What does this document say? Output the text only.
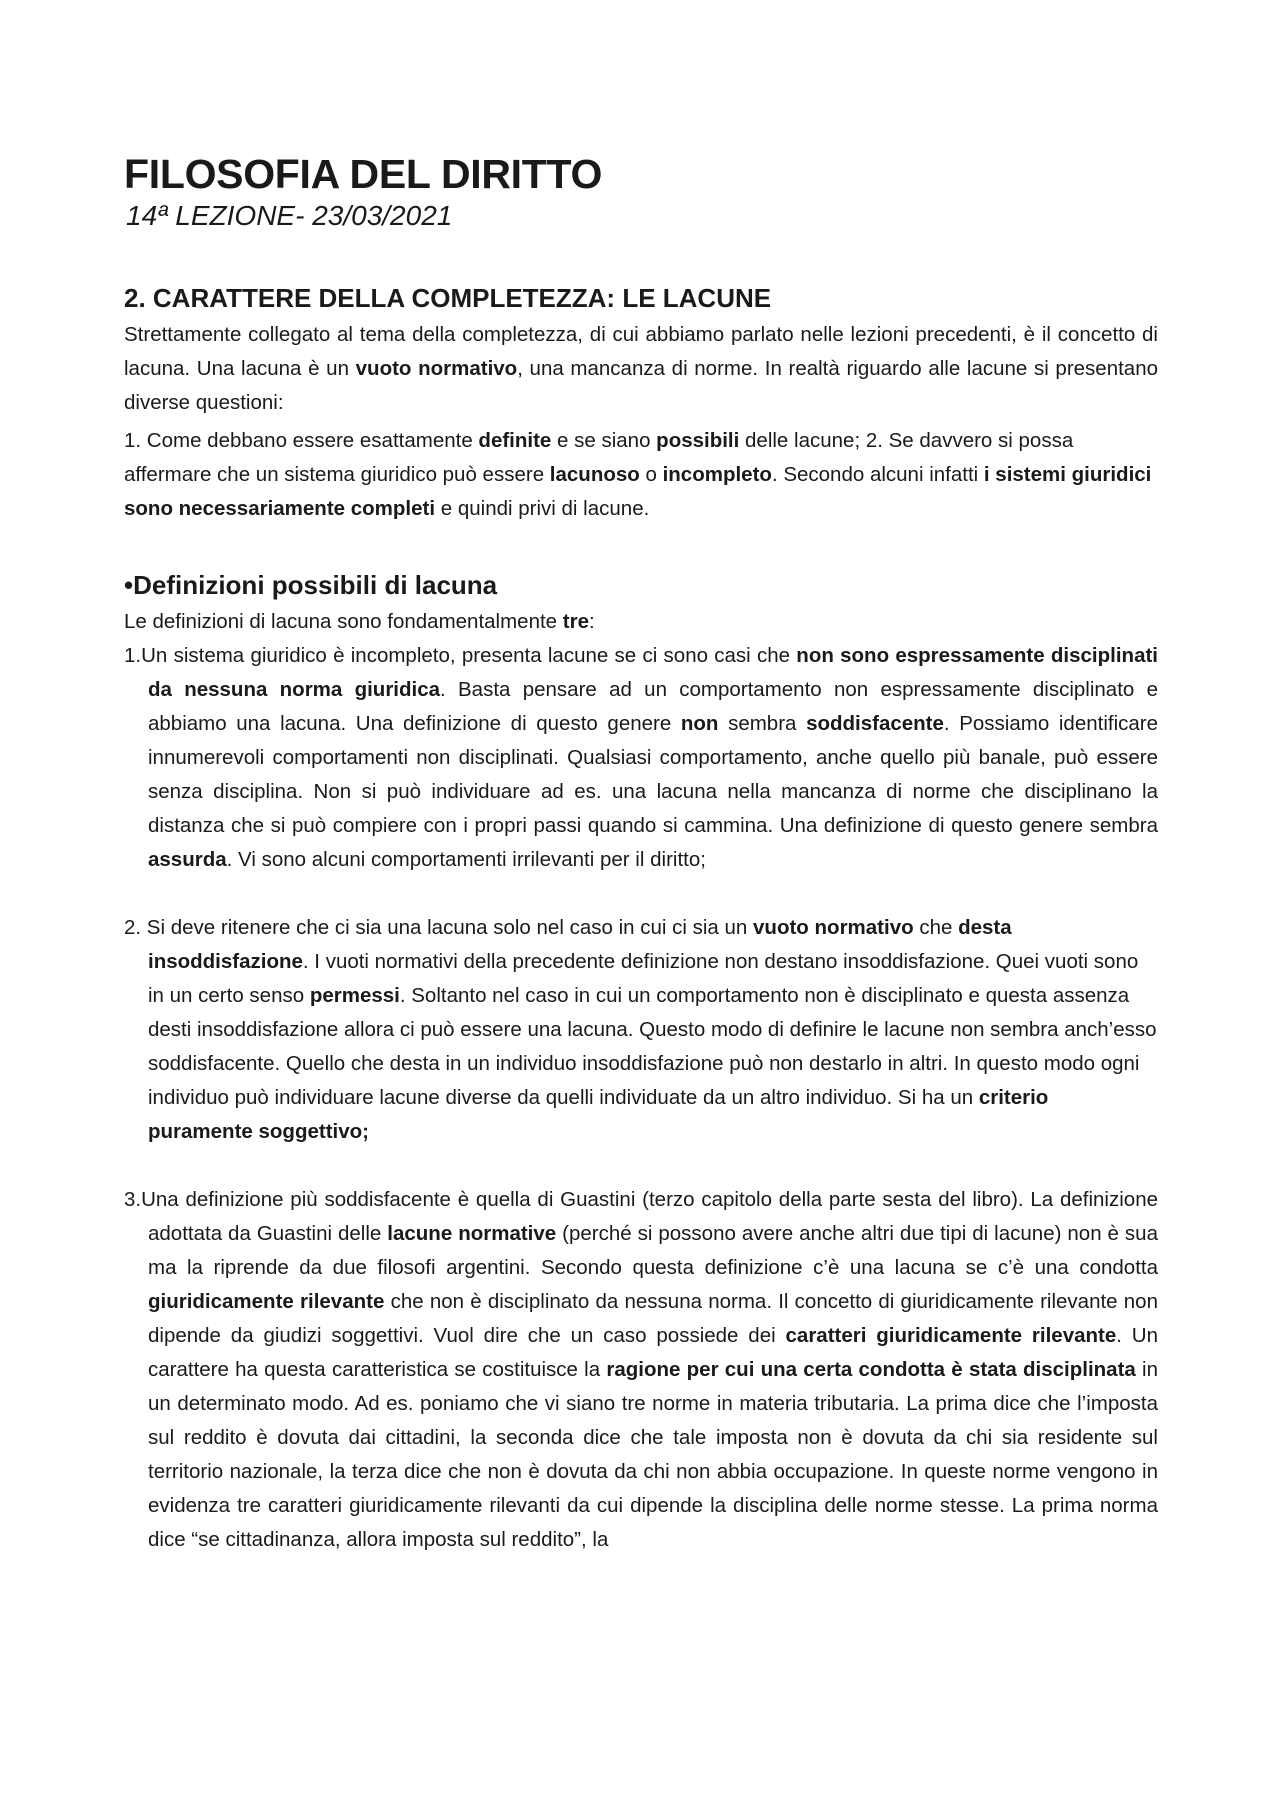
FILOSOFIA DEL DIRITTO
14ª LEZIONE- 23/03/2021
2. CARATTERE DELLA COMPLETEZZA: LE LACUNE

Strettamente collegato al tema della completezza, di cui abbiamo parlato nelle lezioni precedenti, è il concetto di lacuna. Una lacuna è un vuoto normativo, una mancanza di norme. In realtà riguardo alle lacune si presentano diverse questioni:

1. Come debbano essere esattamente definite e se siano possibili delle lacune; 2. Se davvero si possa affermare che un sistema giuridico può essere lacunoso o incompleto. Secondo alcuni infatti i sistemi giuridici sono necessariamente completi e quindi privi di lacune.

•Definizioni possibili di lacuna

Le definizioni di lacuna sono fondamentalmente tre:

1.Un sistema giuridico è incompleto, presenta lacune se ci sono casi che non sono espressamente disciplinati da nessuna norma giuridica. Basta pensare ad un comportamento non espressamente disciplinato e abbiamo una lacuna. Una definizione di questo genere non sembra soddisfacente. Possiamo identificare innumerevoli comportamenti non disciplinati. Qualsiasi comportamento, anche quello più banale, può essere senza disciplina. Non si può individuare ad es. una lacuna nella mancanza di norme che disciplinano la distanza che si può compiere con i propri passi quando si cammina. Una definizione di questo genere sembra assurda. Vi sono alcuni comportamenti irrilevanti per il diritto;

2. Si deve ritenere che ci sia una lacuna solo nel caso in cui ci sia un vuoto normativo che desta insoddisfazione. I vuoti normativi della precedente definizione non destano insoddisfazione. Quei vuoti sono in un certo senso permessi. Soltanto nel caso in cui un comportamento non è disciplinato e questa assenza desti insoddisfazione allora ci può essere una lacuna. Questo modo di definire le lacune non sembra anch’esso soddisfacente. Quello che desta in un individuo insoddisfazione può non destarlo in altri. In questo modo ogni individuo può individuare lacune diverse da quelli individuate da un altro individuo. Si ha un criterio puramente soggettivo;

3.Una definizione più soddisfacente è quella di Guastini (terzo capitolo della parte sesta del libro). La definizione adottata da Guastini delle lacune normative (perché si possono avere anche altri due tipi di lacune) non è sua ma la riprende da due filosofi argentini. Secondo questa definizione c’è una lacuna se c’è una condotta giuridicamente rilevante che non è disciplinato da nessuna norma. Il concetto di giuridicamente rilevante non dipende da giudizi soggettivi. Vuol dire che un caso possiede dei caratteri giuridicamente rilevante. Un carattere ha questa caratteristica se costituisce la ragione per cui una certa condotta è stata disciplinata in un determinato modo. Ad es. poniamo che vi siano tre norme in materia tributaria. La prima dice che l’imposta sul reddito è dovuta dai cittadini, la seconda dice che tale imposta non è dovuta da chi sia residente sul territorio nazionale, la terza dice che non è dovuta da chi non abbia occupazione. In queste norme vengono in evidenza tre caratteri giuridicamente rilevanti da cui dipende la disciplina delle norme stesse. La prima norma dice “se cittadinanza, allora imposta sul reddito”, la
